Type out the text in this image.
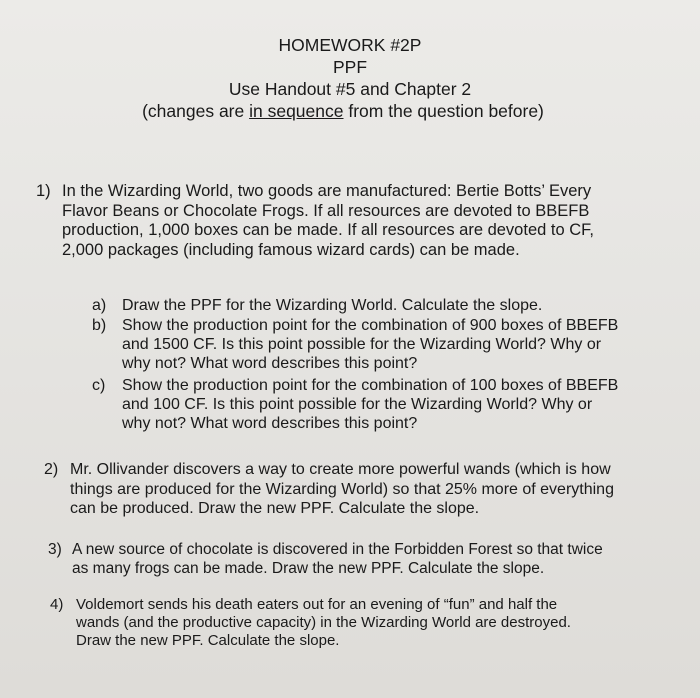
HOMEWORK #2P
PPF
Use Handout #5 and Chapter 2
(changes are in sequence from the question before)
1) In the Wizarding World, two goods are manufactured: Bertie Botts’ Every
Flavor Beans or Chocolate Frogs. If all resources are devoted to BBEFB
production, 1,000 boxes can be made. If all resources are devoted to CF,
2,000 packages (including famous wizard cards) can be made.
a) Draw the PPF for the Wizarding World. Calculate the slope.
b) Show the production point for the combination of 900 boxes of BBEFB
and 1500 CF. Is this point possible for the Wizarding World? Why or
why not? What word describes this point?
c) Show the production point for the combination of 100 boxes of BBEFB
and 100 CF. Is this point possible for the Wizarding World? Why or
why not? What word describes this point?
2) Mr. Ollivander discovers a way to create more powerful wands (which is how
things are produced for the Wizarding World) so that 25% more of everything
can be produced. Draw the new PPF. Calculate the slope.
3) A new source of chocolate is discovered in the Forbidden Forest so that twice
as many frogs can be made. Draw the new PPF. Calculate the slope.
4) Voldemort sends his death eaters out for an evening of “fun” and half the
wands (and the productive capacity) in the Wizarding World are destroyed.
Draw the new PPF. Calculate the slope.
